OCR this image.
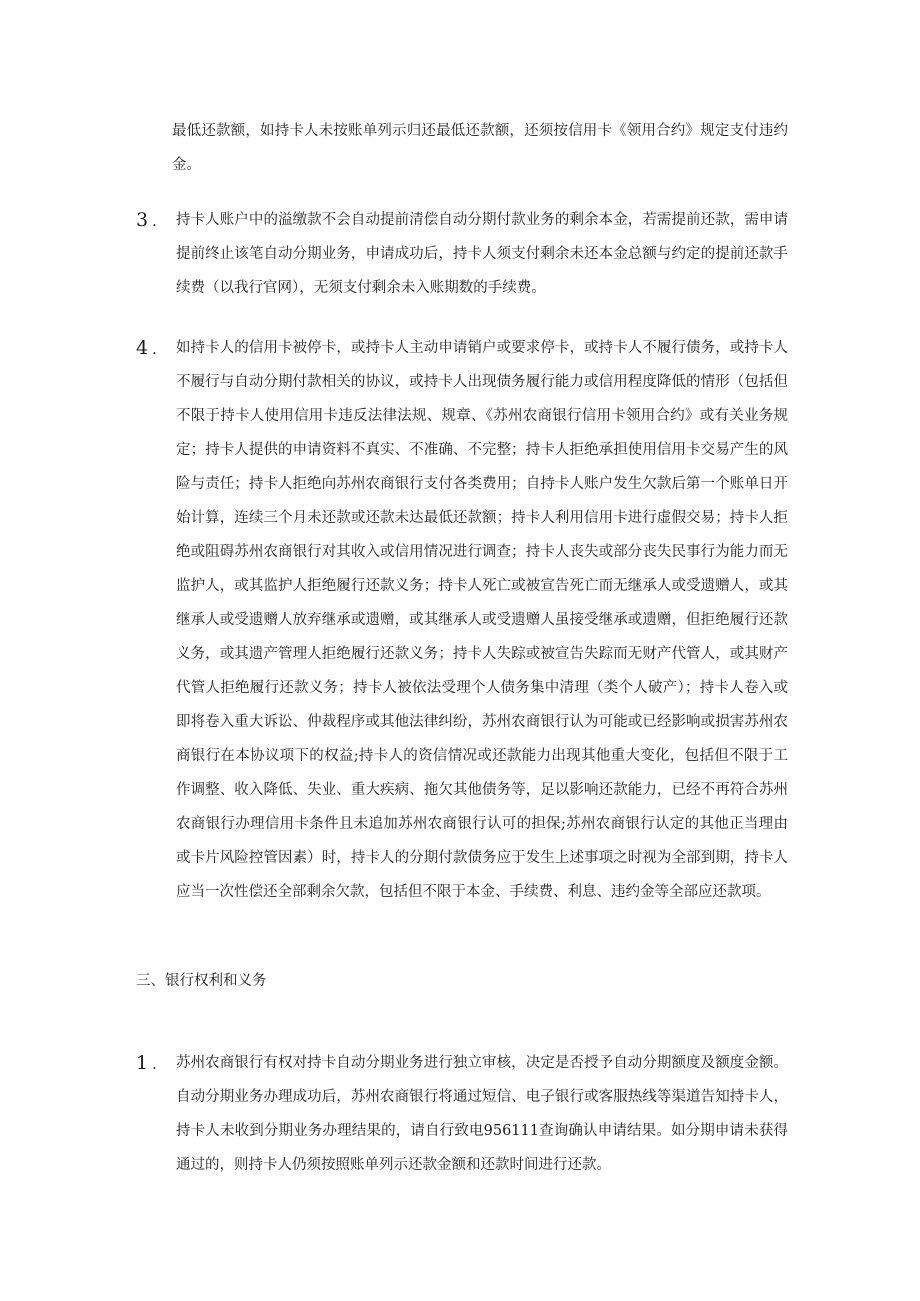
最低还款额，如持卡人未按账单列示归还最低还款额，还须按信用卡《领用合约》规定支付违约金。
3 . 持卡人账户中的溢缴款不会自动提前清偿自动分期付款业务的剩余本金，若需提前还款，需申请提前终止该笔自动分期业务，申请成功后，持卡人须支付剩余未还本金总额与约定的提前还款手续费（以我行官网），无须支付剩余未入账期数的手续费。
4 . 如持卡人的信用卡被停卡，或持卡人主动申请销户或要求停卡，或持卡人不履行债务，或持卡人不履行与自动分期付款相关的协议，或持卡人出现债务履行能力或信用程度降低的情形（包括但不限于持卡人使用信用卡违反法律法规、规章、《苏州农商银行信用卡领用合约》或有关业务规定；持卡人提供的申请资料不真实、不准确、不完整；持卡人拒绝承担使用信用卡交易产生的风险与责任；持卡人拒绝向苏州农商银行支付各类费用；自持卡人账户发生欠款后第一个账单日开始计算，连续三个月未还款或还款未达最低还款额；持卡人利用信用卡进行虚假交易；持卡人拒绝或阻碍苏州农商银行对其收入或信用情况进行调查；持卡人丧失或部分丧失民事行为能力而无监护人，或其监护人拒绝履行还款义务；持卡人死亡或被宣告死亡而无继承人或受遗赠人，或其继承人或受遗赠人放弃继承或遗赠，或其继承人或受遗赠人虽接受继承或遗赠，但拒绝履行还款义务，或其遗产管理人拒绝履行还款义务；持卡人失踪或被宣告失踪而无财产代管人，或其财产代管人拒绝履行还款义务；持卡人被依法受理个人债务集中清理（类个人破产）；持卡人卷入或即将卷入重大诉讼、仲裁程序或其他法律纠纷，苏州农商银行认为可能或已经影响或损害苏州农商银行在本协议项下的权益;持卡人的资信情况或还款能力出现其他重大变化，包括但不限于工作调整、收入降低、失业、重大疾病、拖欠其他债务等，足以影响还款能力，已经不再符合苏州农商银行办理信用卡条件且未追加苏州农商银行认可的担保;苏州农商银行认定的其他正当理由或卡片风险控管因素）时，持卡人的分期付款债务应于发生上述事项之时视为全部到期，持卡人应当一次性偿还全部剩余欠款，包括但不限于本金、手续费、利息、违约金等全部应还款项。
三、银行权利和义务
1 . 苏州农商银行有权对持卡自动分期业务进行独立审核，决定是否授予自动分期额度及额度金额。自动分期业务办理成功后，苏州农商银行将通过短信、电子银行或客服热线等渠道告知持卡人，持卡人未收到分期业务办理结果的，请自行致电956111查询确认申请结果。如分期申请未获得通过的，则持卡人仍须按照账单列示还款金额和还款时间进行还款。
